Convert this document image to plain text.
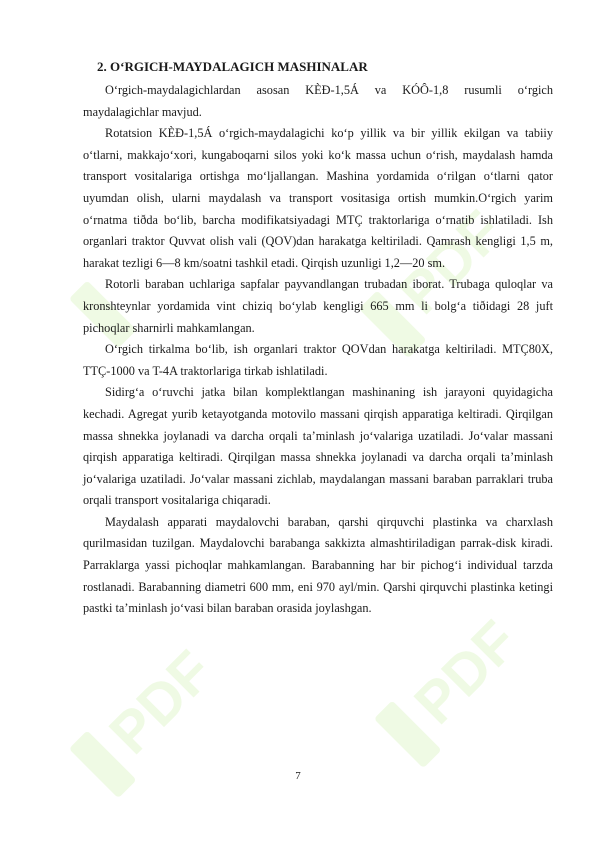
PDF	PDF
PDF
2. O‘RGICH-MAYDALAGICH MASHINALAR

O‘rgich-maydalagichlardan asosan KÈÐ-1,5Á va KÓÔ-1,8 rusumli o‘rgich maydalagichlar mavjud.

Rotatsion KÈÐ-1,5Á o‘rgich-maydalagichi ko‘p yillik va bir yillik ekilgan va tabiiy o‘tlarni, makkajo‘xori, kungaboqarni silos yoki ko‘k massa uchun o‘rish, maydalash hamda transport vositalariga ortishga mo‘ljallangan. Mashina yordamida o‘rilgan o‘tlarni qator uyumdan olish, ularni maydalash va transport vositasiga ortish mumkin.O‘rgich yarim o‘rnatma tiðda bo‘lib, barcha modifikatsiyadagi MTÇ traktorlariga o‘rnatib ishlatiladi. Ish organlari traktor Quvvat olish vali (QOV)dan harakatga keltiriladi. Qamrash kengligi 1,5 m, harakat tezligi 6—8 km/soatni tashkil etadi. Qirqish uzunligi 1,2—20 sm.

Rotorli baraban uchlariga sapfalar payvandlangan trubadan iborat. Trubaga quloqlar va kronshteynlar yordamida vint chiziq bo‘ylab kengligi 665 mm li bolg‘a tiðidagi 28 juft pichoqlar sharnirli mahkamlangan.

O‘rgich tirkalma bo‘lib, ish organlari traktor QOVdan harakatga keltiriladi. MTÇ80X, TTÇ-1000 va T-4A traktorlariga tirkab ishlatiladi.

Sidirg‘a o‘ruvchi jatka bilan komplektlangan mashinaning ish jarayoni quyidagicha kechadi. Agregat yurib ketayotganda motovilo massani qirqish apparatiga keltiradi. Qirqilgan massa shnekka joylanadi va darcha orqali ta’minlash jo‘valariga uzatiladi. Jo‘valar massani qirqish apparatiga keltiradi. Qirqilgan massa shnekka joylanadi va darcha orqali ta’minlash jo‘valariga uzatiladi. Jo‘valar massani zichlab, maydalangan massani baraban parraklari truba orqali transport vositalariga chiqaradi.

Maydalash apparati maydalovchi baraban, qarshi qirquvchi plastinka va charxlash qurilmasidan tuzilgan. Maydalovchi barabanga sakkizta almashtiriladigan parrak-disk kiradi. Parraklarga yassi pichoqlar mahkamlangan. Barabanning har bir pichog‘i individual tarzda rostlanadi. Barabanning diametri 600 mm, eni 970 ayl/min. Qarshi qirquvchi plastinka ketingi pastki ta’minlash jo‘vasi bilan baraban orasida joylashgan.

7
